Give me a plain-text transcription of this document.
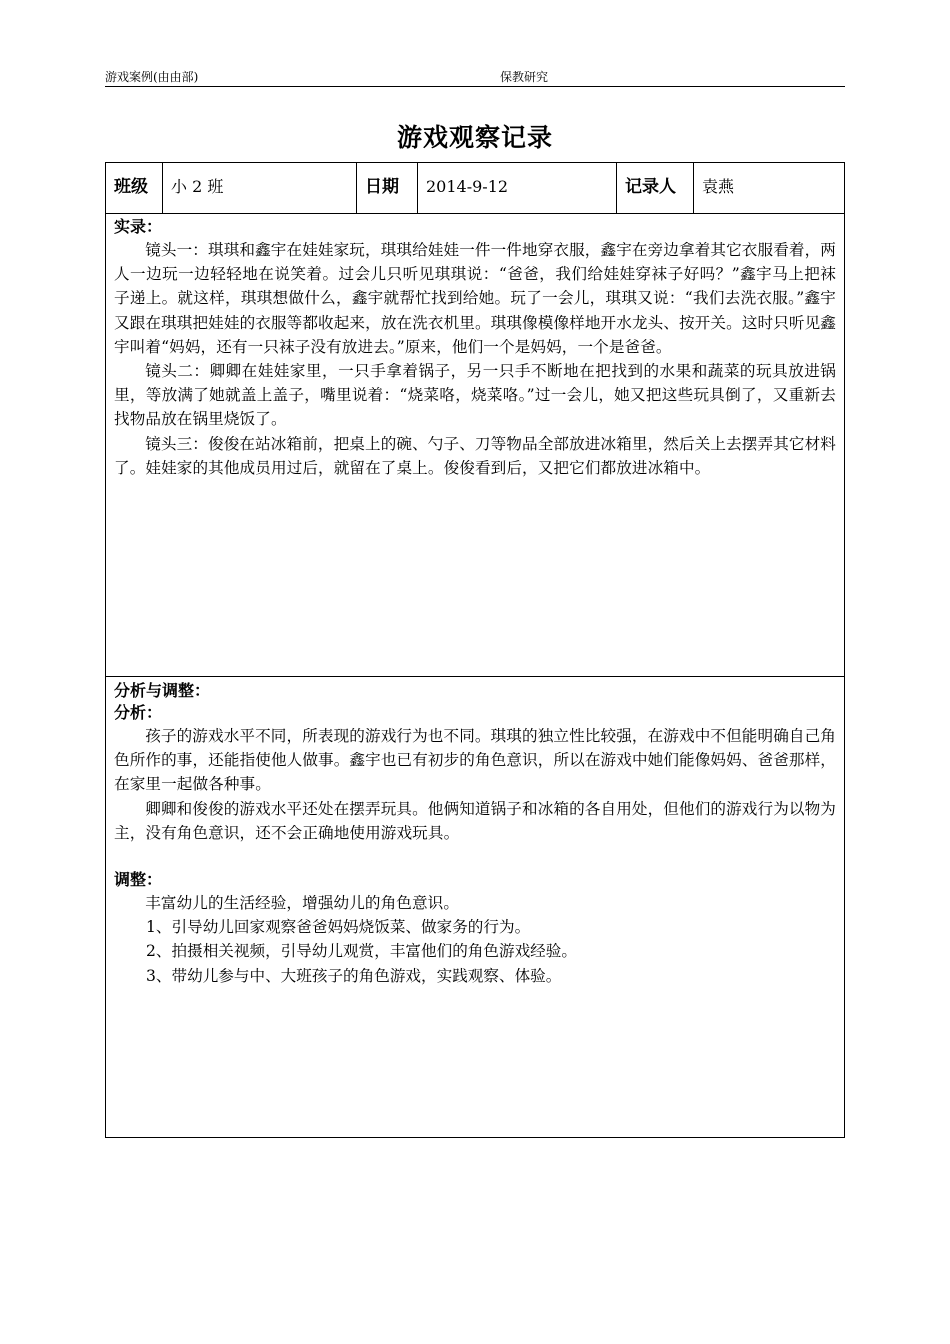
游戏案例(由由部)	保教研究
游戏观察记录
班级	小 2 班	日期	2014-9-12	记录人	袁燕
实录：

镜头一：琪琪和鑫宇在娃娃家玩，琪琪给娃娃一件一件地穿衣服，鑫宇在旁边拿着其它衣服看着，两人一边玩一边轻轻地在说笑着。过会儿只听见琪琪说：“爸爸，我们给娃娃穿袜子好吗？”鑫宇马上把袜子递上。就这样，琪琪想做什么，鑫宇就帮忙找到给她。玩了一会儿，琪琪又说：“我们去洗衣服。”鑫宇又跟在琪琪把娃娃的衣服等都收起来，放在洗衣机里。琪琪像模像样地开水龙头、按开关。这时只听见鑫宇叫着“妈妈，还有一只袜子没有放进去。”原来，他们一个是妈妈，一个是爸爸。

镜头二：卿卿在娃娃家里，一只手拿着锅子，另一只手不断地在把找到的水果和蔬菜的玩具放进锅里，等放满了她就盖上盖子，嘴里说着：“烧菜咯，烧菜咯。”过一会儿，她又把这些玩具倒了，又重新去找物品放在锅里烧饭了。

镜头三：俊俊在站冰箱前，把桌上的碗、勺子、刀等物品全部放进冰箱里，然后关上去摆弄其它材料了。娃娃家的其他成员用过后，就留在了桌上。俊俊看到后，又把它们都放进冰箱中。

分析与调整：
分析：

孩子的游戏水平不同，所表现的游戏行为也不同。琪琪的独立性比较强，在游戏中不但能明确自己角色所作的事，还能指使他人做事。鑫宇也已有初步的角色意识，所以在游戏中她们能像妈妈、爸爸那样，在家里一起做各种事。

卿卿和俊俊的游戏水平还处在摆弄玩具。他俩知道锅子和冰箱的各自用处，但他们的游戏行为以物为主，没有角色意识，还不会正确地使用游戏玩具。

调整：

丰富幼儿的生活经验，增强幼儿的角色意识。

1、引导幼儿回家观察爸爸妈妈烧饭菜、做家务的行为。

2、拍摄相关视频，引导幼儿观赏，丰富他们的角色游戏经验。

3、带幼儿参与中、大班孩子的角色游戏，实践观察、体验。
